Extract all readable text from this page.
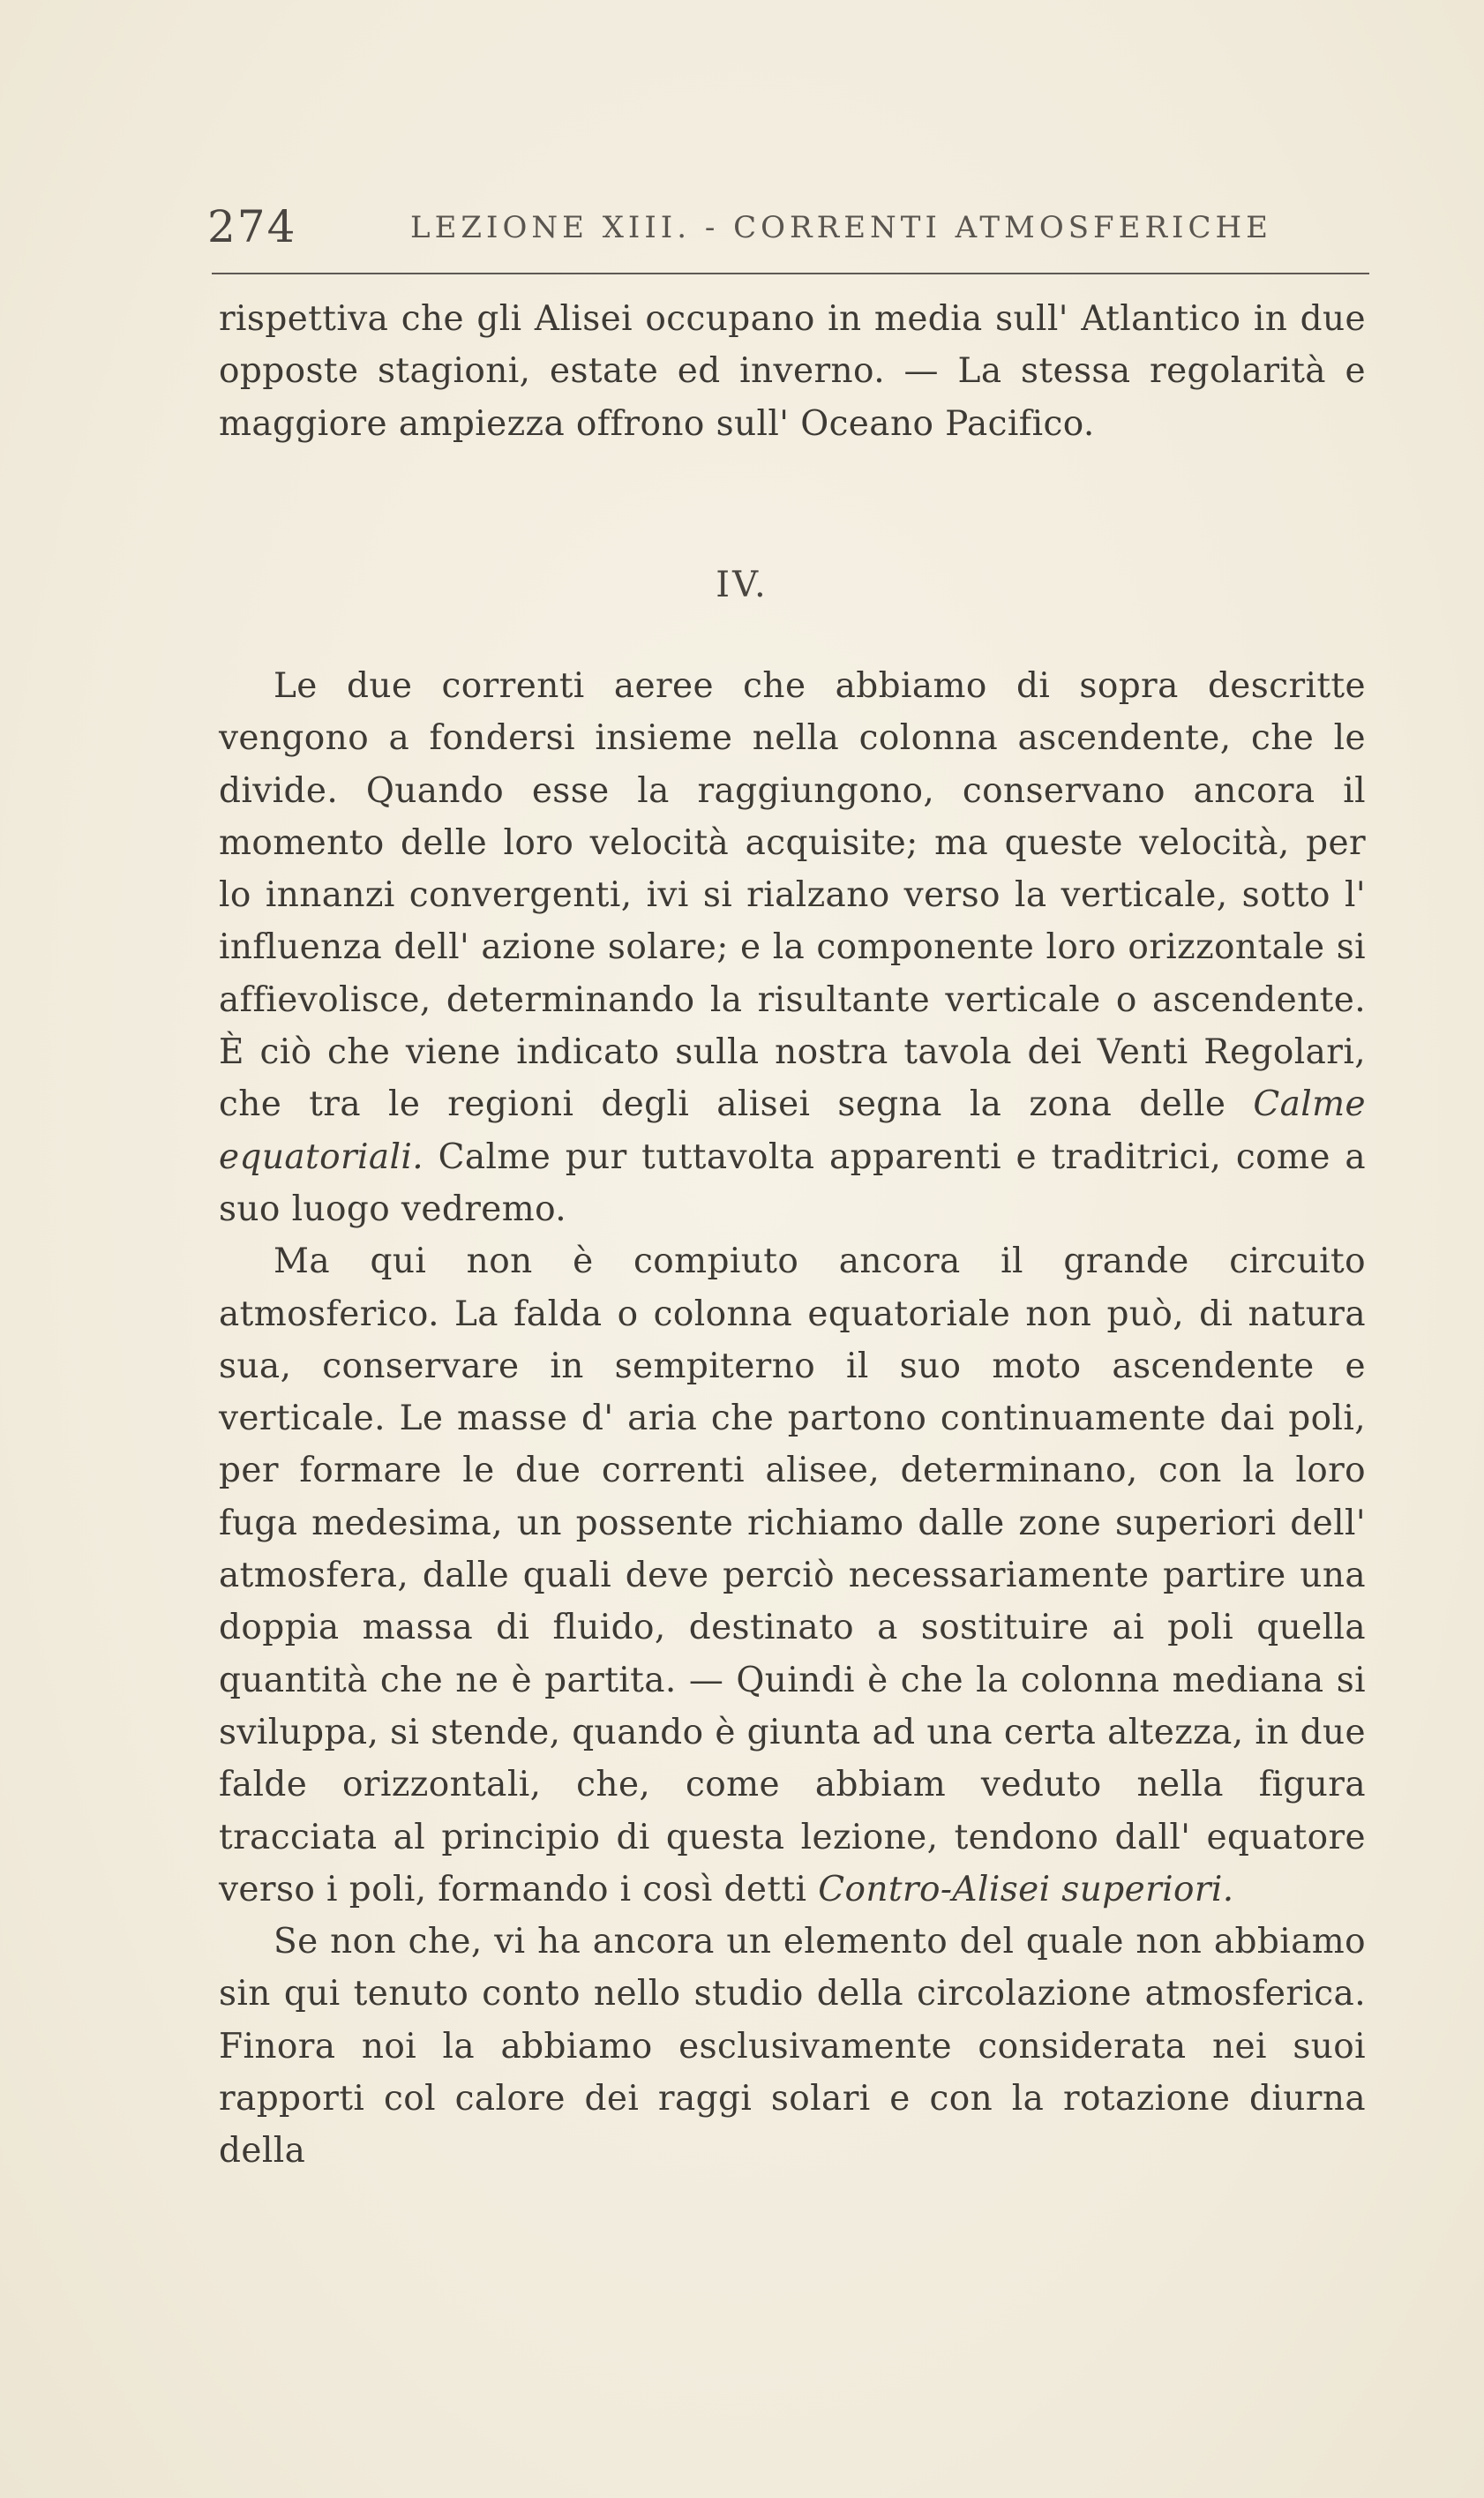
274	LEZIONE XIII. - CORRENTI ATMOSFERICHE

rispettiva che gli Alisei occupano in media sull' Atlantico in due opposte stagioni, estate ed inverno. — La stessa regolarità e maggiore ampiezza offrono sull' Oceano Pacifico.

IV.

Le due correnti aeree che abbiamo di sopra descritte vengono a fondersi insieme nella colonna ascendente, che le divide. Quando esse la raggiungono, conservano ancora il momento delle loro velocità acquisite; ma queste velocità, per lo innanzi convergenti, ivi si rialzano verso la verticale, sotto l' influenza dell' azione solare; e la componente loro orizzontale si affievolisce, determinando la risultante verticale o ascendente. È ciò che viene indicato sulla nostra tavola dei Venti Regolari, che tra le regioni degli alisei segna la zona delle Calme equatoriali. Calme pur tuttavolta apparenti e traditrici, come a suo luogo vedremo.

Ma qui non è compiuto ancora il grande circuito atmosferico. La falda o colonna equatoriale non può, di natura sua, conservare in sempiterno il suo moto ascendente e verticale. Le masse d' aria che partono continuamente dai poli, per formare le due correnti alisee, determinano, con la loro fuga medesima, un possente richiamo dalle zone superiori dell' atmosfera, dalle quali deve perciò necessariamente partire una doppia massa di fluido, destinato a sostituire ai poli quella quantità che ne è partita. — Quindi è che la colonna mediana si sviluppa, si stende, quando è giunta ad una certa altezza, in due falde orizzontali, che, come abbiam veduto nella figura tracciata al principio di questa lezione, tendono dall' equatore verso i poli, formando i così detti Contro-Alisei superiori.

Se non che, vi ha ancora un elemento del quale non abbiamo sin qui tenuto conto nello studio della circolazione atmosferica. Finora noi la abbiamo esclusivamente considerata nei suoi rapporti col calore dei raggi solari e con la rotazione diurna della
